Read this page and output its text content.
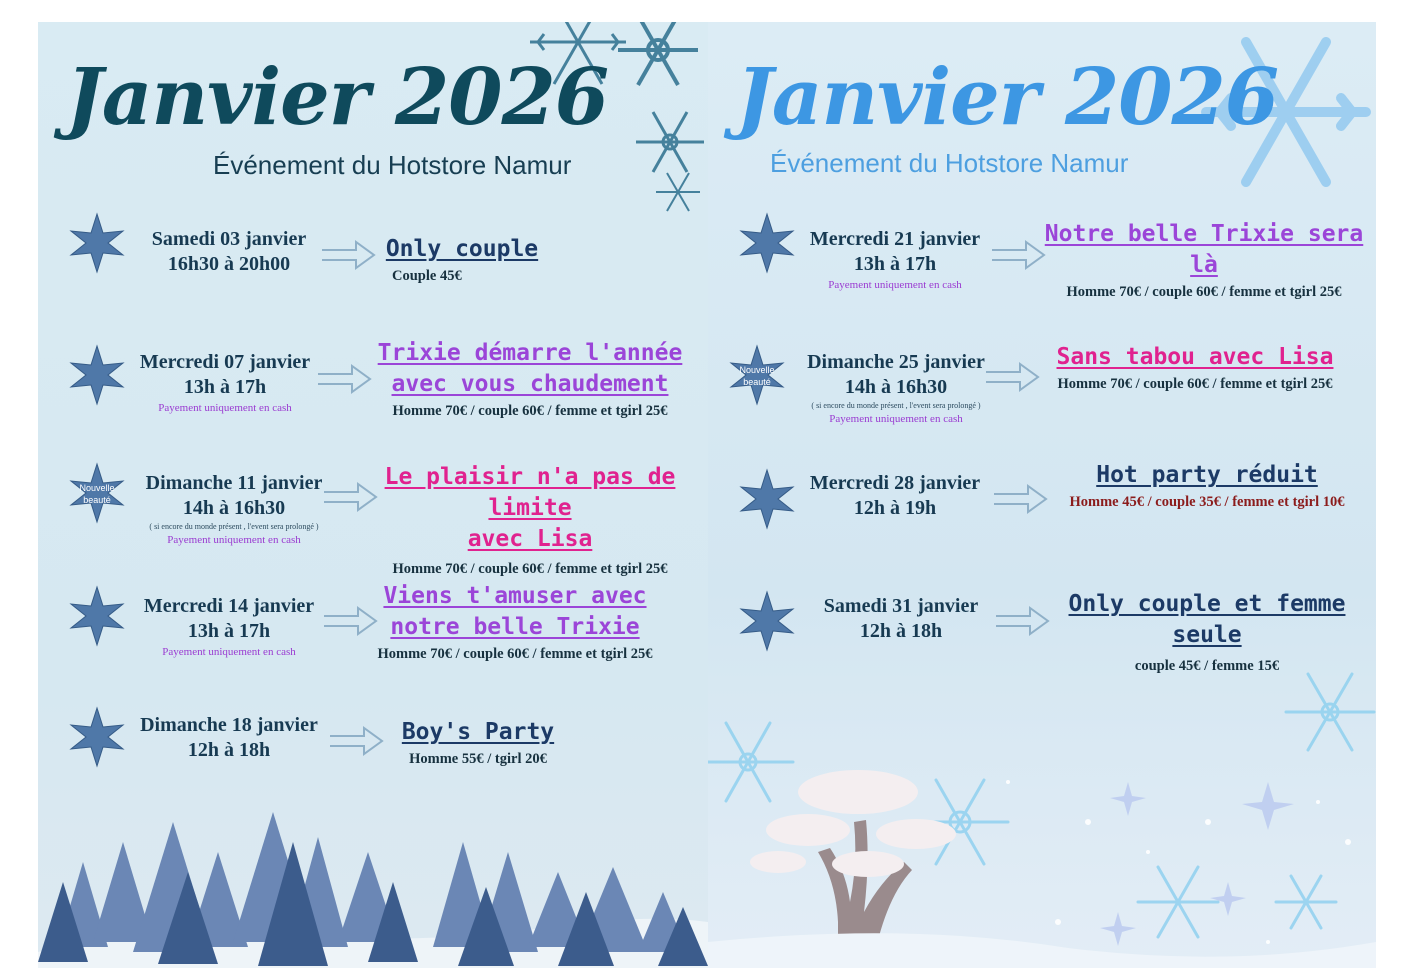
Janvier 2026
Événement du Hotstore Namur
Samedi 03 janvier
16h30 à 20h00
Only couple
Couple 45€
Mercredi 07 janvier
13h à 17h
Payement uniquement en cash
Trixie démarre l'année
avec vous chaudement
Homme 70€ / couple 60€ / femme et tgirl 25€
Nouvelle
beauté
Dimanche 11 janvier
14h à 16h30
( si encore du monde présent , l'event sera prolongé )
Payement uniquement en cash
Le plaisir n'a pas de limite
avec Lisa
Homme 70€ / couple 60€ / femme et tgirl 25€
Mercredi 14 janvier
13h à 17h
Payement uniquement en cash
Viens t'amuser avec
notre belle Trixie
Homme 70€ / couple 60€ / femme et tgirl 25€
Dimanche 18 janvier
12h à 18h
Boy's Party
Homme 55€ / tgirl 20€
Janvier 2026
Événement du Hotstore Namur
Mercredi 21 janvier
13h à 17h
Payement uniquement en cash
Notre belle Trixie sera là
Homme 70€ / couple 60€ / femme et tgirl 25€
Nouvelle
beauté
Dimanche 25 janvier
14h à 16h30
( si encore du monde présent , l'event sera prolongé )
Payement uniquement en cash
Sans tabou avec Lisa
Homme 70€ / couple 60€ / femme et tgirl 25€
Mercredi 28 janvier
12h à 19h
Hot party réduit
Homme 45€ / couple 35€ / femme et tgirl 10€
Samedi 31 janvier
12h à 18h
Only couple et femme
seule
couple 45€ / femme 15€
